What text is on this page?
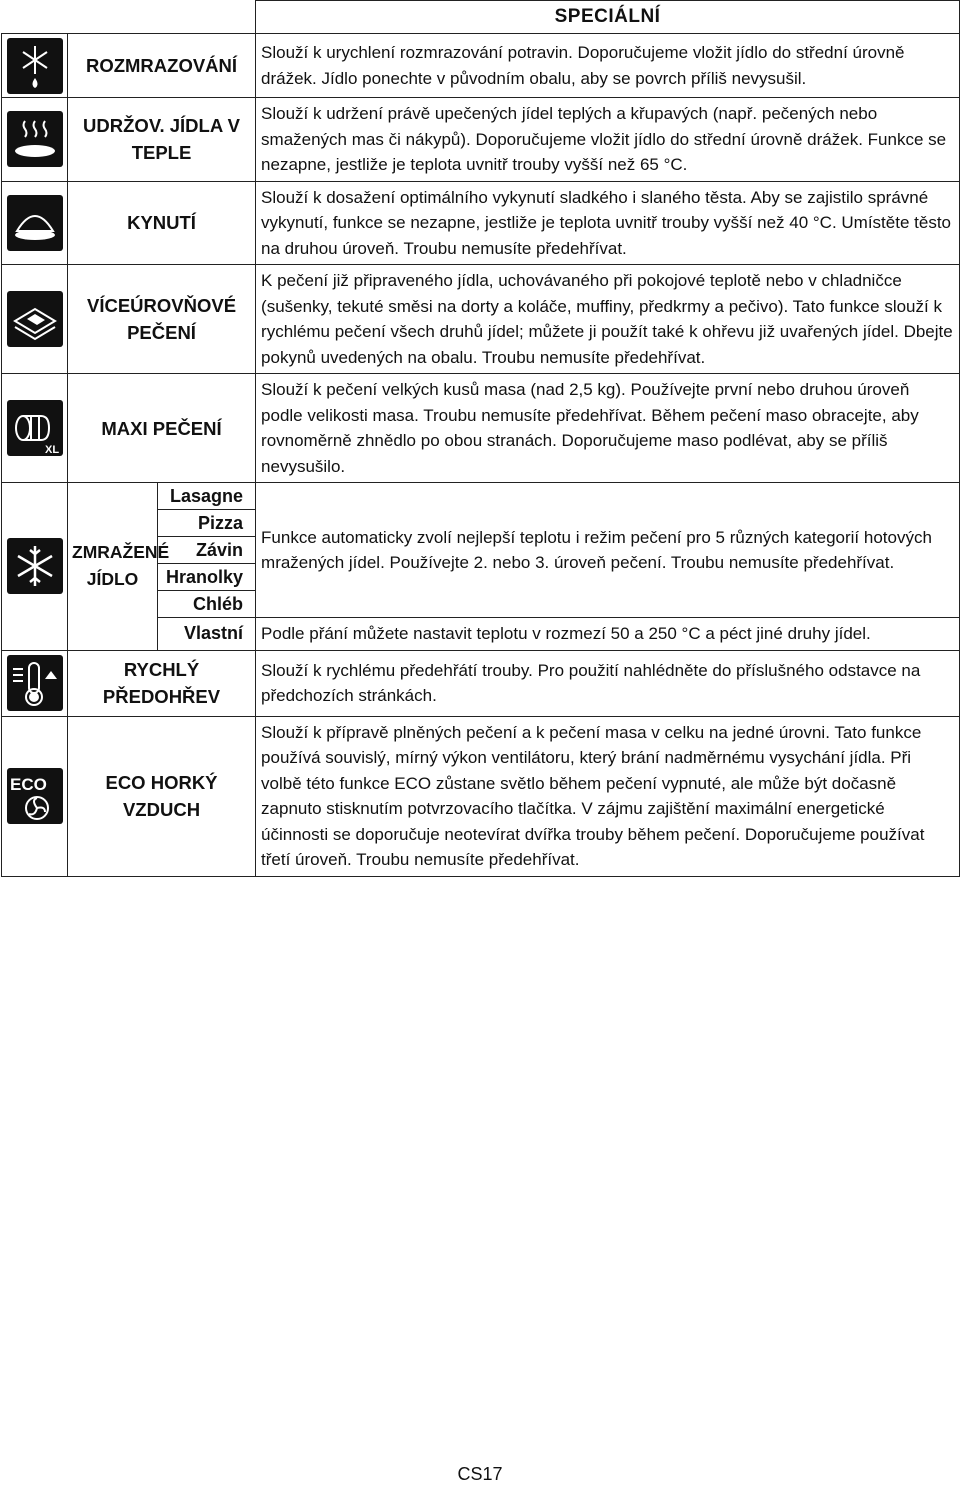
			SPECIÁLNÍ

	ROZMRAZOVÁNÍ		Slouží k urychlení rozmrazování potravin. Doporučujeme vložit jídlo do střední úrovně drážek. Jídlo ponechte v původním obalu, aby se povrch příliš nevysušil.

	UDRŽOV. JÍDLA V TEPLE		Slouží k udržení právě upečených jídel teplých a křupavých (např. pečených nebo smažených mas či nákypů). Doporučujeme vložit jídlo do střední úrovně drážek. Funkce se nezapne, jestliže je teplota uvnitř trouby vyšší než 65 °C.

	KYNUTÍ		Slouží k dosažení optimálního vykynutí sladkého i slaného těsta. Aby se zajistilo správné vykynutí, funkce se nezapne, jestliže je teplota uvnitř trouby vyšší než 40 °C. Umístěte těsto na druhou úroveň. Troubu nemusíte předehřívat.

	VÍCEÚROVŇOVÉ PEČENÍ		K pečení již připraveného jídla, uchovávaného při pokojové teplotě nebo v chladničce (sušenky, tekuté směsi na dorty a koláče, muffiny, předkrmy a pečivo). Tato funkce slouží k rychlému pečení všech druhů jídel; můžete ji použít také k ohřevu již uvařených jídel. Dbejte pokynů uvedených na obalu. Troubu nemusíte předehřívat.

XL	MAXI PEČENÍ		Slouží k pečení velkých kusů masa (nad 2,5 kg). Používejte první nebo druhou úroveň podle velikosti masa. Troubu nemusíte předehřívat. Během pečení maso obracejte, aby rovnoměrně zhnědlo po obou stranách. Doporučujeme maso podlévat, aby se příliš nevysušilo.

	ZMRAŽENÉ JÍDLO	Lasagne	Funkce automaticky zvolí nejlepší teplotu i režim pečení pro 5 různých kategorií hotových mražených jídel. Používejte 2. nebo 3. úroveň pečení. Troubu nemusíte předehřívat.
		Pizza	
		Závin	
		Hranolky	
		Chléb	
		Vlastní	Podle přání můžete nastavit teplotu v rozmezí 50 a 250 °C a péct jiné druhy jídel.

	RYCHLÝ PŘEDOHŘEV		Slouží k rychlému předehřátí trouby. Pro použití nahlédněte do příslušného odstavce na předchozích stránkách.

ECO	ECO HORKÝ VZDUCH		Slouží k přípravě plněných pečení a k pečení masa v celku na jedné úrovni. Tato funkce používá souvislý, mírný výkon ventilátoru, který brání nadměrnému vysychání jídla. Při volbě této funkce ECO zůstane světlo během pečení vypnuté, ale může být dočasně zapnuto stisknutím potvrzovacího tlačítka. V zájmu zajištění maximální energetické účinnosti se doporučuje neotevírat dvířka trouby během pečení. Doporučujeme používat třetí úroveň. Troubu nemusíte předehřívat.
CS17
